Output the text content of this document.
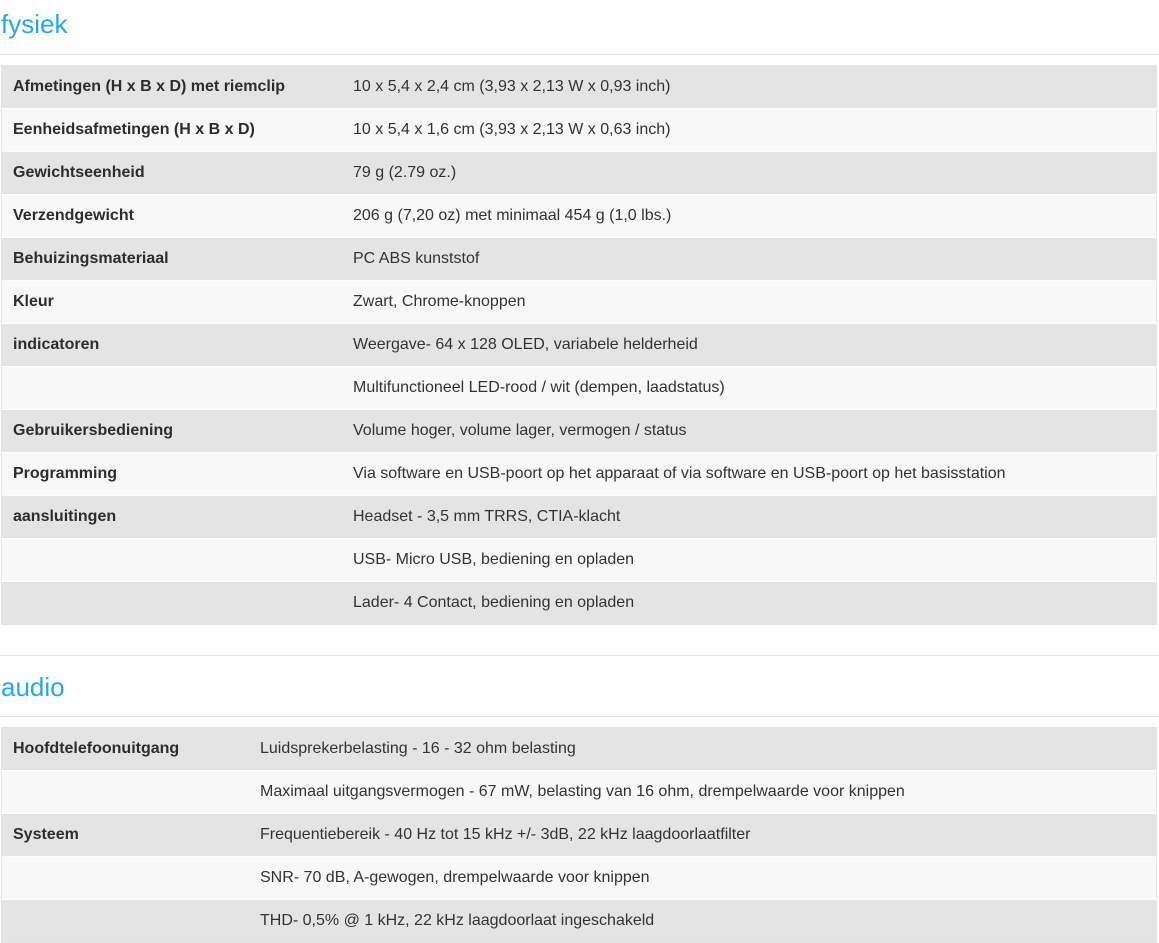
fysiek
Afmetingen (H x B x D) met riemclip	10 x 5,4 x 2,4 cm (3,93 x 2,13 W x 0,93 inch)
Eenheidsafmetingen (H x B x D)	10 x 5,4 x 1,6 cm (3,93 x 2,13 W x 0,63 inch)
Gewichtseenheid	79 g (2.79 oz.)
Verzendgewicht	206 g (7,20 oz) met minimaal 454 g (1,0 lbs.)
Behuizingsmateriaal	PC ABS kunststof
Kleur	Zwart, Chrome-knoppen
indicatoren	Weergave- 64 x 128 OLED, variabele helderheid
	Multifunctioneel LED-rood / wit (dempen, laadstatus)
Gebruikersbediening	Volume hoger, volume lager, vermogen / status
Programming	Via software en USB-poort op het apparaat of via software en USB-poort op het basisstation
aansluitingen	Headset - 3,5 mm TRRS, CTIA-klacht
	USB- Micro USB, bediening en opladen
	Lader- 4 Contact, bediening en opladen
audio
Hoofdtelefoonuitgang	Luidsprekerbelasting - 16 - 32 ohm belasting
	Maximaal uitgangsvermogen - 67 mW, belasting van 16 ohm, drempelwaarde voor knippen
Systeem	Frequentiebereik - 40 Hz tot 15 kHz +/- 3dB, 22 kHz laagdoorlaatfilter
	SNR- 70 dB, A-gewogen, drempelwaarde voor knippen
	THD- 0,5% @ 1 kHz, 22 kHz laagdoorlaat ingeschakeld
